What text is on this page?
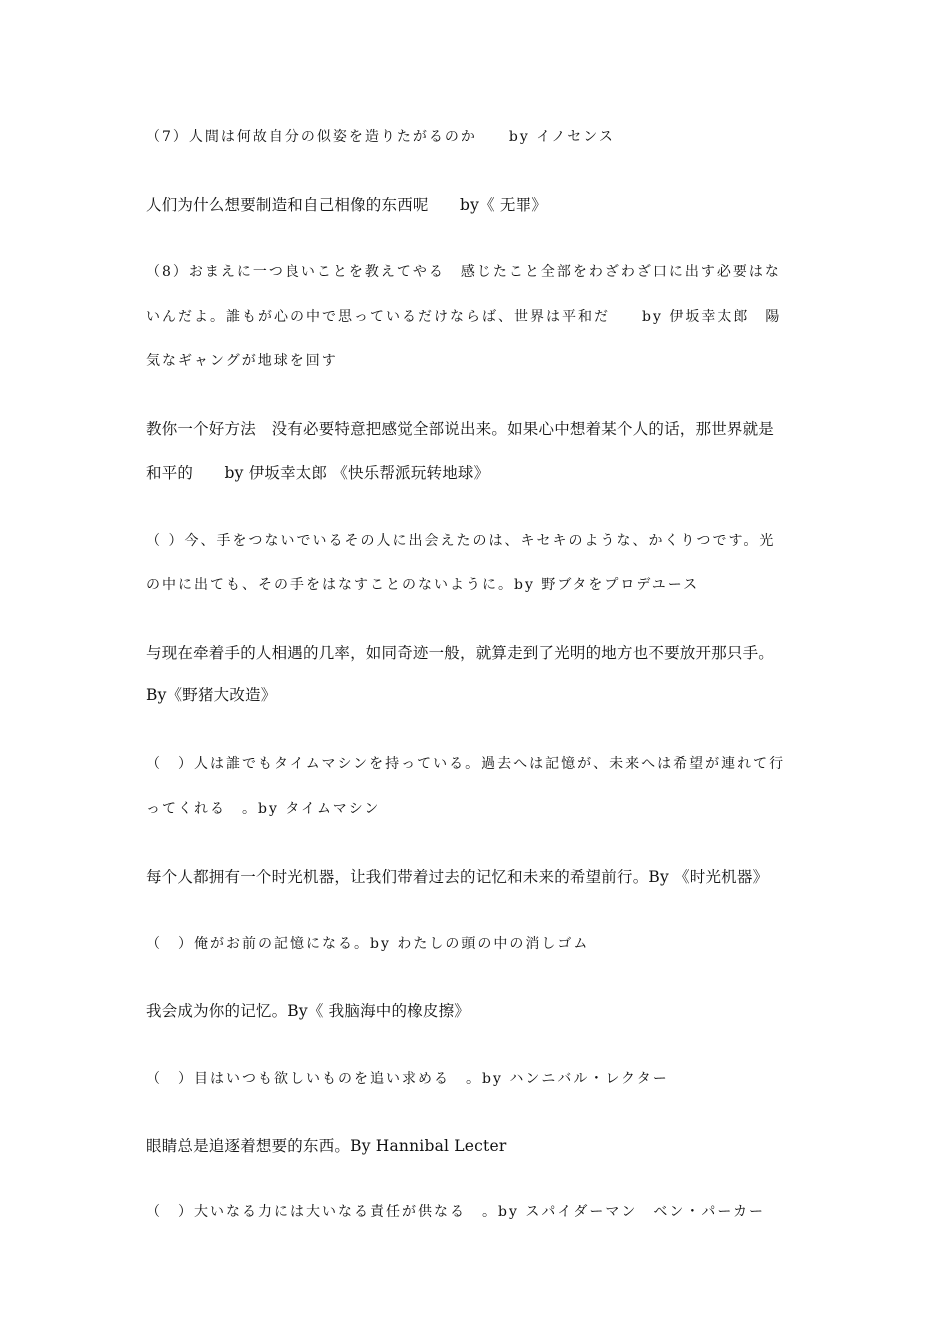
（7）人間は何故自分の似姿を造りたがるのか　　by イノセンス
人们为什么想要制造和自己相像的东西呢　　by《 无罪》
（8）おまえに一つ良いことを教えてやる　感じたこと全部をわざわざ口に出す必要はな
いんだよ。誰もが心の中で思っているだけならば、世界は平和だ　　by 伊坂幸太郎　陽
気なギャングが地球を回す
教你一个好方法　没有必要特意把感觉全部说出来。如果心中想着某个人的话，那世界就是
和平的　　by 伊坂幸太郎 《快乐帮派玩转地球》
（ ）今、手をつないでいるその人に出会えたのは、キセキのような、かくりつです。光
の中に出ても、その手をはなすことのないように。by 野ブタをプロデユース
与现在牵着手的人相遇的几率，如同奇迹一般，就算走到了光明的地方也不要放开那只手。
By《野猪大改造》
（　）人は誰でもタイムマシンを持っている。過去へは記憶が、未来へは希望が連れて行
ってくれる　。by タイムマシン
每个人都拥有一个时光机器，让我们带着过去的记忆和未来的希望前行。By 《时光机器》
（　）俺がお前の記憶になる。by わたしの頭の中の消しゴム
我会成为你的记忆。By《 我脑海中的橡皮擦》
（　）目はいつも欲しいものを追い求める　。by ハンニバル・レクター
眼睛总是追逐着想要的东西。By Hannibal Lecter
（　）大いなる力には大いなる責任が供なる　。by スパイダーマン　ベン・パーカー
